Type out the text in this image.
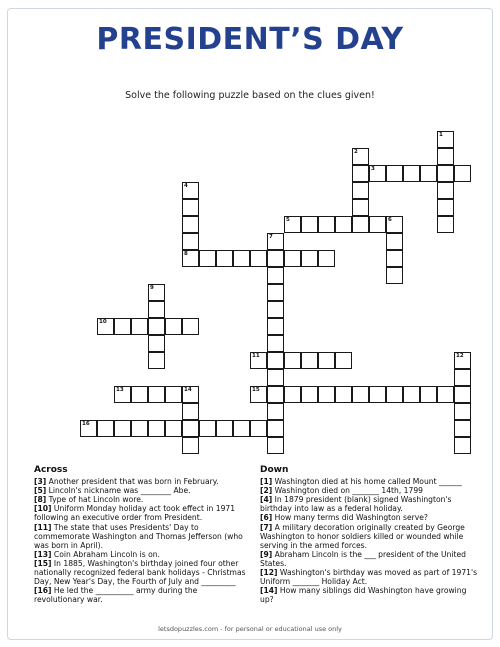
PRESIDENT’S DAY
Solve the following puzzle based on the clues given!
3
5
8
10
11
13	15
16
1
2
4
6
7
9
12
14
Across

[3] Another president that was born in February.

[5] Lincoln's nickname was ________ Abe.

[8] Type of hat Lincoln wore.

[10] Uniform Monday holiday act took effect in 1971 following an executive order from President.

[11] The state that uses Presidents' Day to commemorate Washington and Thomas Jefferson (who was born in April).

[13] Coin Abraham Lincoln is on.

[15] In 1885, Washington's birthday joined four other nationally recognized federal bank holidays - Christmas Day, New Year's Day, the Fourth of July and _________

[16] He led the __________ army during the revolutionary war.

Down

[1] Washington died at his home called Mount ______

[2] Washington died on _______ 14th, 1799

[4] In 1879 president (blank) signed Washington's birthday into law as a federal holiday.

[6] How many terms did Washington serve?

[7] A military decoration originally created by George Washington to honor soldiers killed or wounded while serving in the armed forces.

[9] Abraham Lincoln is the ___ president of the United States.

[12] Washington's birthday was moved as part of 1971's Uniform _______ Holiday Act.

[14] How many siblings did Washington have growing up?

letsdopuzzles.com - for personal or educational use only
